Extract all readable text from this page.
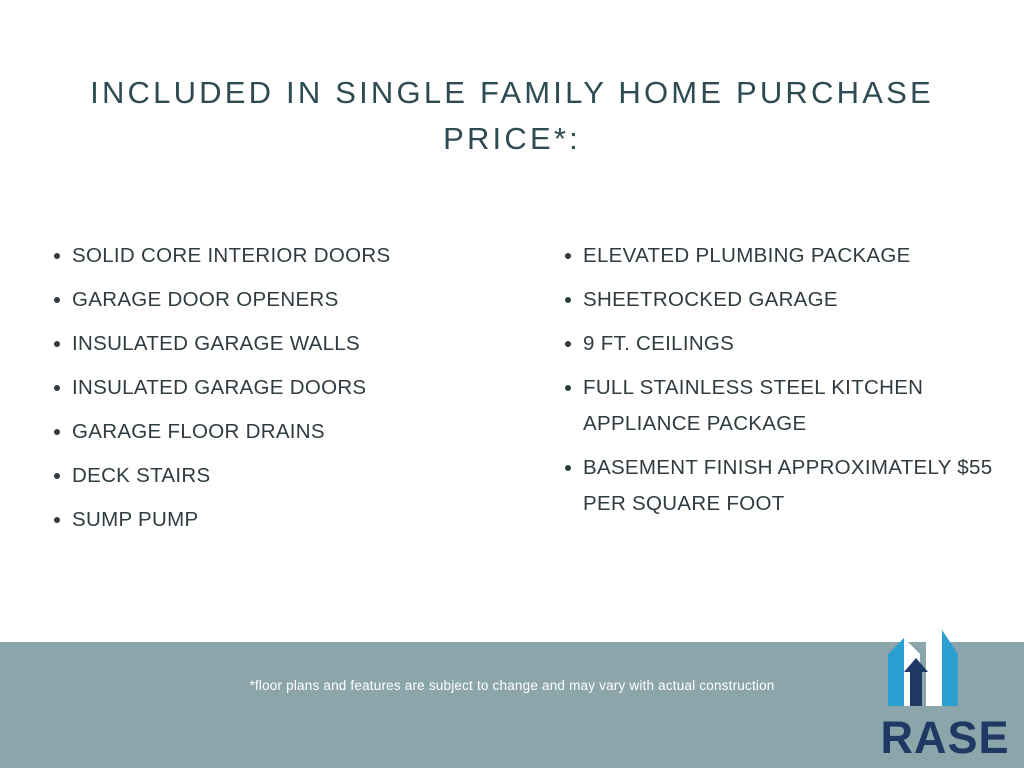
INCLUDED IN SINGLE FAMILY HOME PURCHASE PRICE*:
SOLID CORE INTERIOR DOORS
GARAGE DOOR OPENERS
INSULATED GARAGE WALLS
INSULATED GARAGE DOORS
GARAGE FLOOR DRAINS
DECK STAIRS
SUMP PUMP
ELEVATED PLUMBING PACKAGE
SHEETROCKED GARAGE
9 FT. CEILINGS
FULL STAINLESS STEEL KITCHEN APPLIANCE PACKAGE
BASEMENT FINISH APPROXIMATELY $55 PER SQUARE FOOT
*floor plans and features are subject to change and may vary with actual construction
RASE
